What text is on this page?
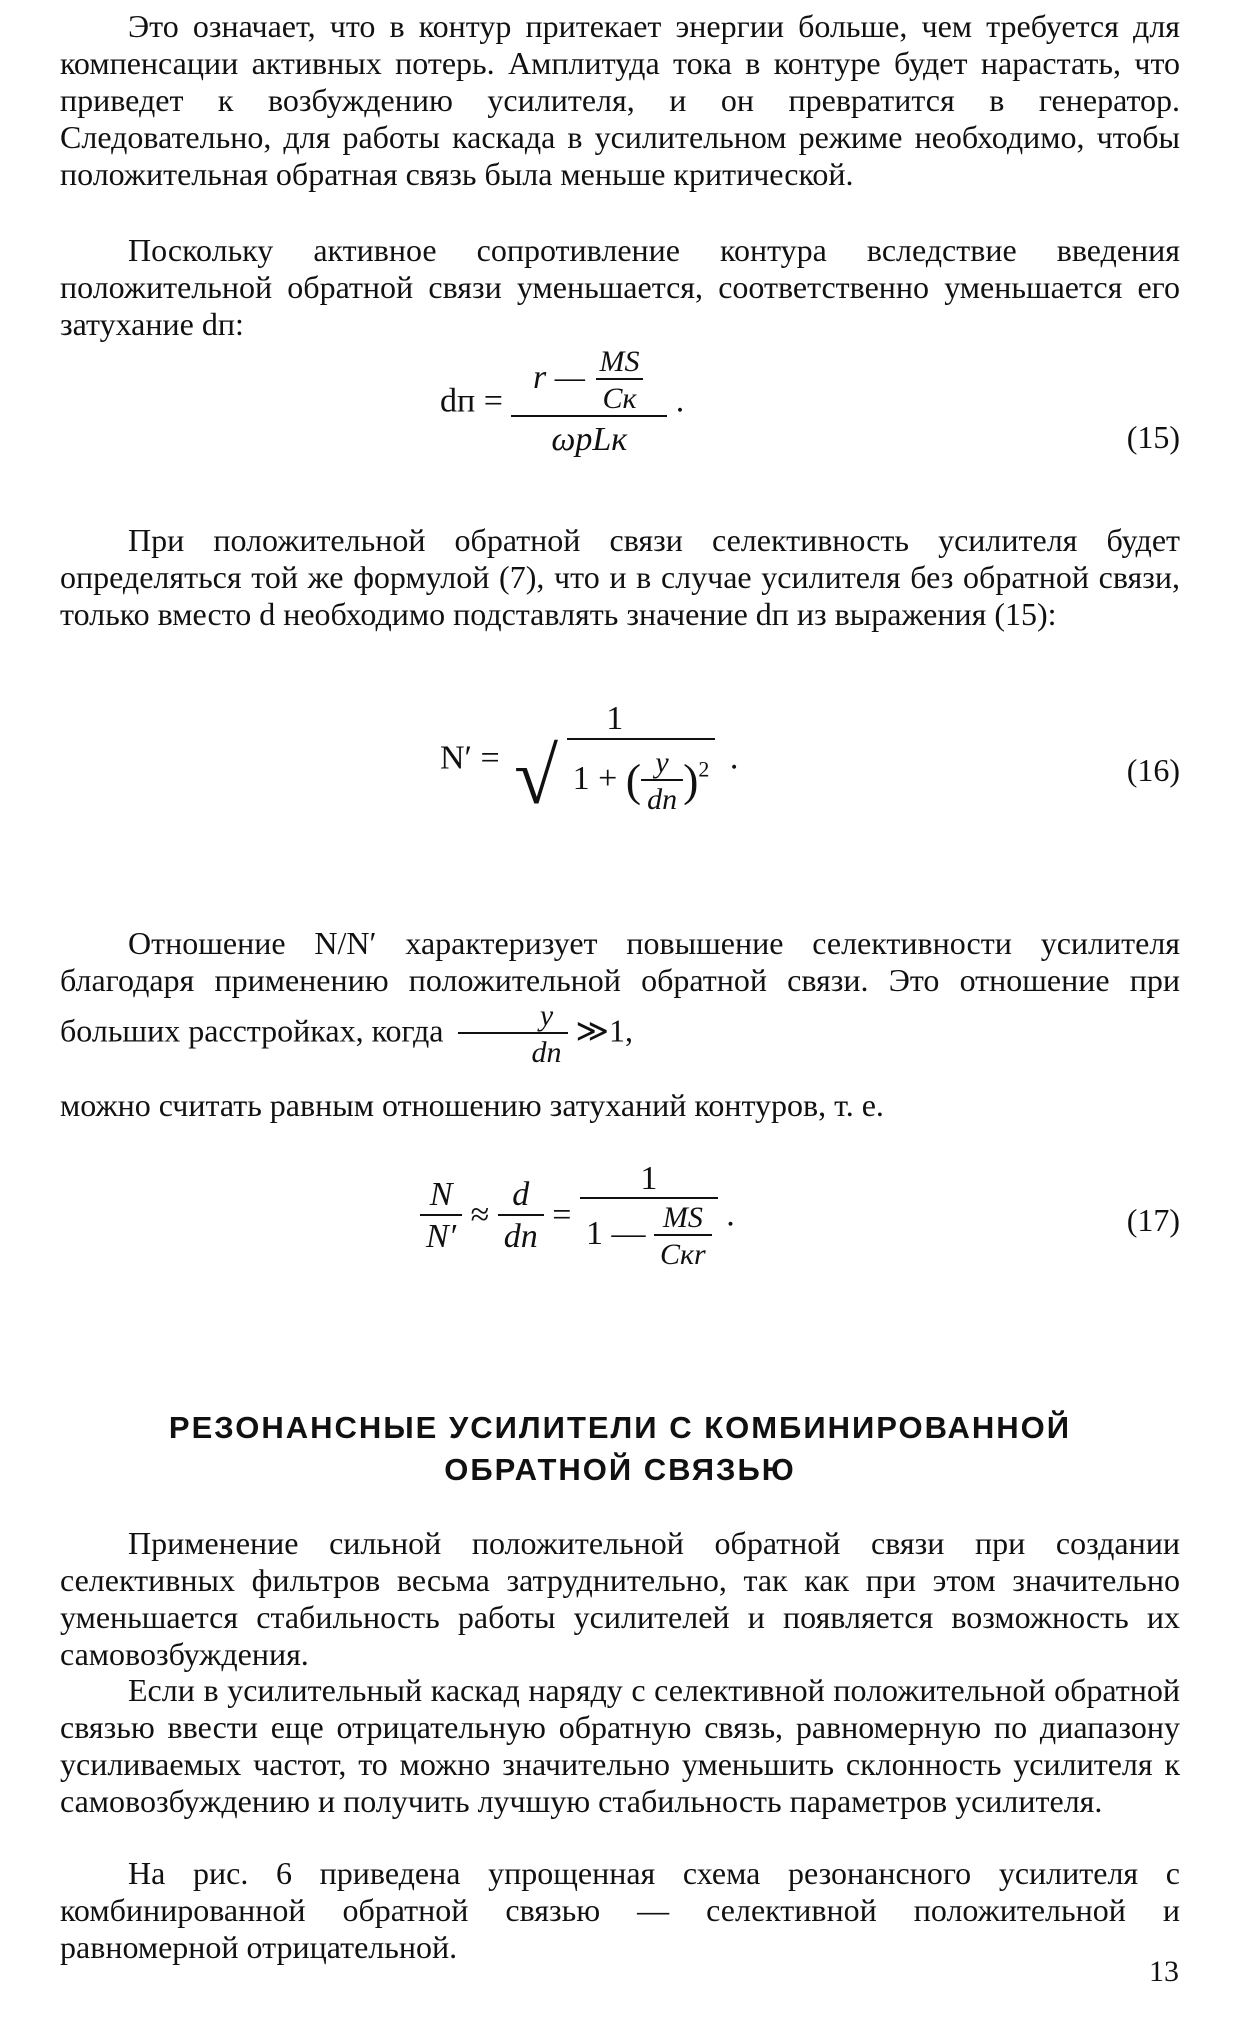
Это означает, что в контур притекает энергии больше, чем требуется для компенсации активных потерь. Амплитуда тока в контуре будет нарастать, что приведет к возбуждению усилителя, и он превратится в генератор. Следовательно, для работы каскада в усилительном режиме необходимо, чтобы положительная обратная связь была меньше критической.

Поскольку активное сопротивление контура вследствие введения положительной обратной связи уменьшается, соответственно уменьшается его затухание dп:

dп = $\frac{r — \frac{MS}{Cк}}{\text{ωрLк}}$ .
(15)

При положительной обратной связи селективность усилителя будет определяться той же формулой (7), что и в случае усилителя без обратной связи, только вместо d необходимо подставлять значение dп из выражения (15):

N′ =
1
√ 1 + ( $\frac{y}{dп} )^2$ .	(16)

Отношение N/N′ характеризует повышение селективности усилителя благодаря применению положительной обратной связи. Это отношение при больших расстройках, когда $\frac{y}{dп}$ ≫1,

можно считать равным отношению затуханий контуров, т. е.

$\frac{N}{N'} \approx \frac{d}{dп} = \frac{1}{1 — \frac{MS}{\text{Cкr}}}$ .	(17)
РЕЗОНАНСНЫЕ УСИЛИТЕЛИ С КОМБИНИРОВАННОЙ ОБРАТНОЙ СВЯЗЬЮ

Применение сильной положительной обратной связи при создании селективных фильтров весьма затруднительно, так как при этом значительно уменьшается стабильность работы усилителей и появляется возможность их самовозбуждения.

Если в усилительный каскад наряду с селективной положительной обратной связью ввести еще отрицательную обратную связь, равномерную по диапазону усиливаемых частот, то можно значительно уменьшить склонность усилителя к самовозбуждению и получить лучшую стабильность параметров усилителя.

На рис. 6 приведена упрощенная схема резонансного усилителя с комбинированной обратной связью — селективной положительной и равномерной отрицательной.

13
